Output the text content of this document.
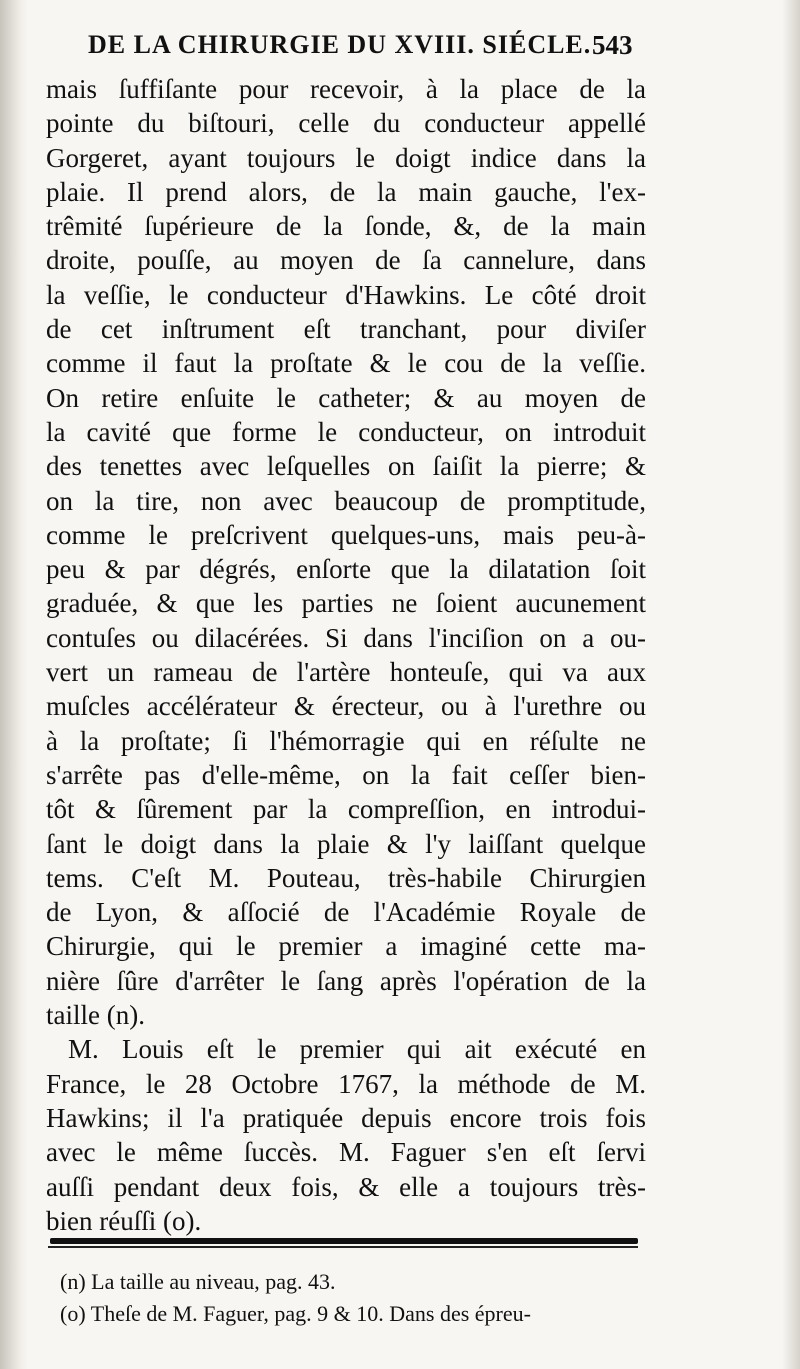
DE LA CHIRURGIE DU XVIII. SIÉCLE. 543
mais ſuffiſante pour recevoir, à la place de la
pointe du biſtouri, celle du conducteur appellé
Gorgeret, ayant toujours le doigt indice dans la
plaie. Il prend alors, de la main gauche, l'ex-
trêmité ſupérieure de la ſonde, &, de la main
droite, pouſſe, au moyen de ſa cannelure, dans
la veſſie, le conducteur d'Hawkins. Le côté droit
de cet inſtrument eſt tranchant, pour diviſer
comme il faut la proſtate & le cou de la veſſie.
On retire enſuite le catheter; & au moyen de
la cavité que forme le conducteur, on introduit
des tenettes avec leſquelles on ſaiſit la pierre; &
on la tire, non avec beaucoup de promptitude,
comme le preſcrivent quelques-uns, mais peu-à-
peu & par dégrés, enſorte que la dilatation ſoit
graduée, & que les parties ne ſoient aucunement
contuſes ou dilacérées. Si dans l'inciſion on a ou-
vert un rameau de l'artère honteuſe, qui va aux
muſcles accélérateur & érecteur, ou à l'urethre ou
à la proſtate; ſi l'hémorragie qui en réſulte ne
s'arrête pas d'elle-même, on la fait ceſſer bien-
tôt & ſûrement par la compreſſion, en introdui-
ſant le doigt dans la plaie & l'y laiſſant quelque
tems. C'eſt M. Pouteau, très-habile Chirurgien
de Lyon, & aſſocié de l'Académie Royale de
Chirurgie, qui le premier a imaginé cette ma-
nière ſûre d'arrêter le ſang après l'opération de la
taille (n).
M. Louis eſt le premier qui ait exécuté en
France, le 28 Octobre 1767, la méthode de M.
Hawkins; il l'a pratiquée depuis encore trois fois
avec le même ſuccès. M. Faguer s'en eſt ſervi
auſſi pendant deux fois, & elle a toujours très-
bien réuſſi (o).
(n) La taille au niveau, pag. 43.
(o) Theſe de M. Faguer, pag. 9 & 10. Dans des épreu-
